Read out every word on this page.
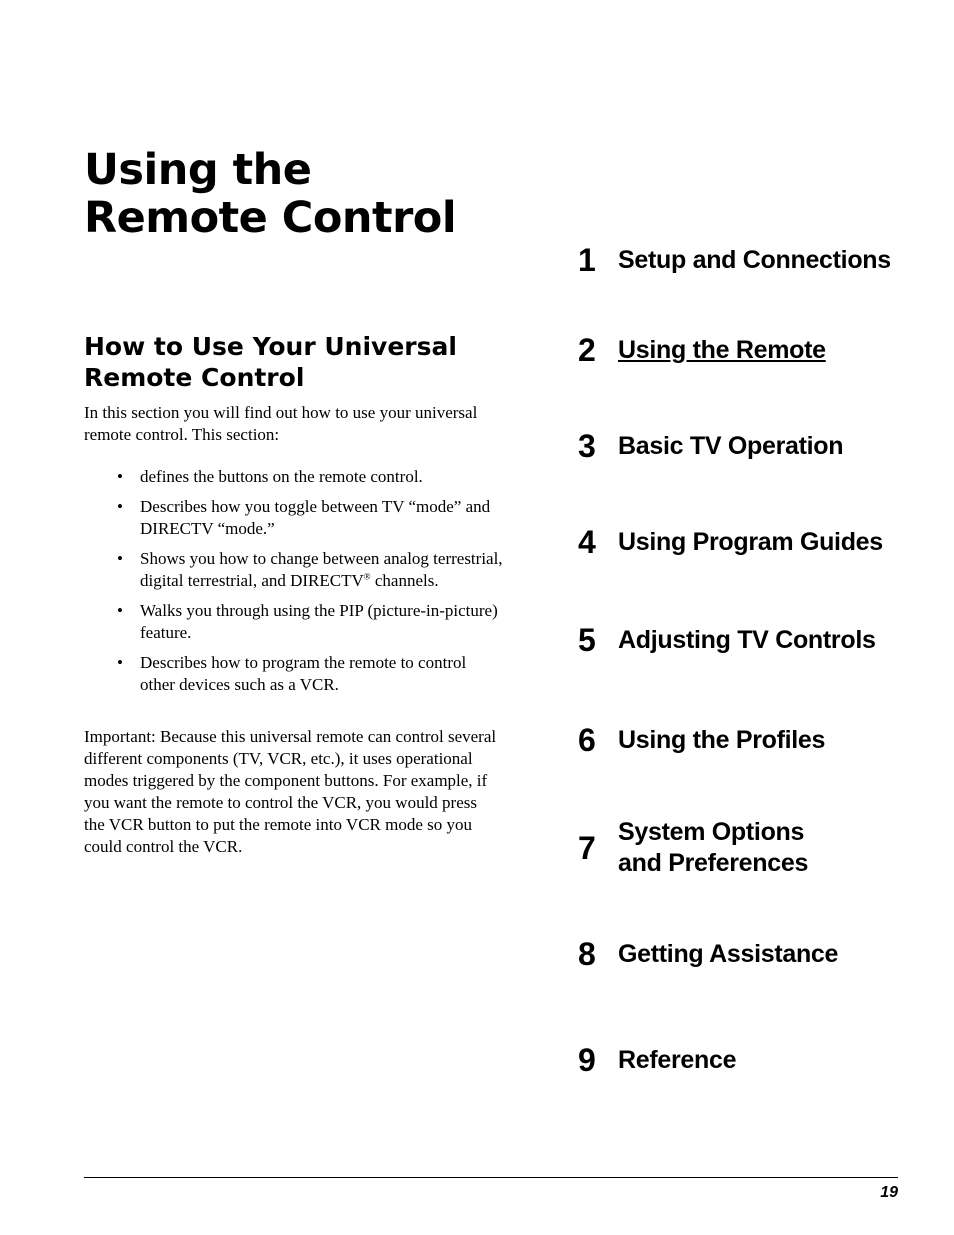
Using the
Remote Control
How to Use Your Universal
Remote Control

In this section you will find out how to use your universal remote control. This section:

• defines the buttons on the remote control.
• Describes how you toggle between TV “mode” and DIRECTV “mode.”
• Shows you how to change between analog terrestrial, digital terrestrial, and DIRECTV® channels.
• Walks you through using the PIP (picture-in-picture) feature.
• Describes how to program the remote to control other devices such as a VCR.

Important: Because this universal remote can control several different components (TV, VCR, etc.), it uses operational modes triggered by the component buttons. For example, if you want the remote to control the VCR, you would press the VCR button to put the remote into VCR mode so you could control the VCR.

1 Setup and Connections
2 Using the Remote
3 Basic TV Operation
4 Using Program Guides
5 Adjusting TV Controls
6 Using the Profiles
7 System Options
and Preferences
8 Getting Assistance
9 Reference
19
